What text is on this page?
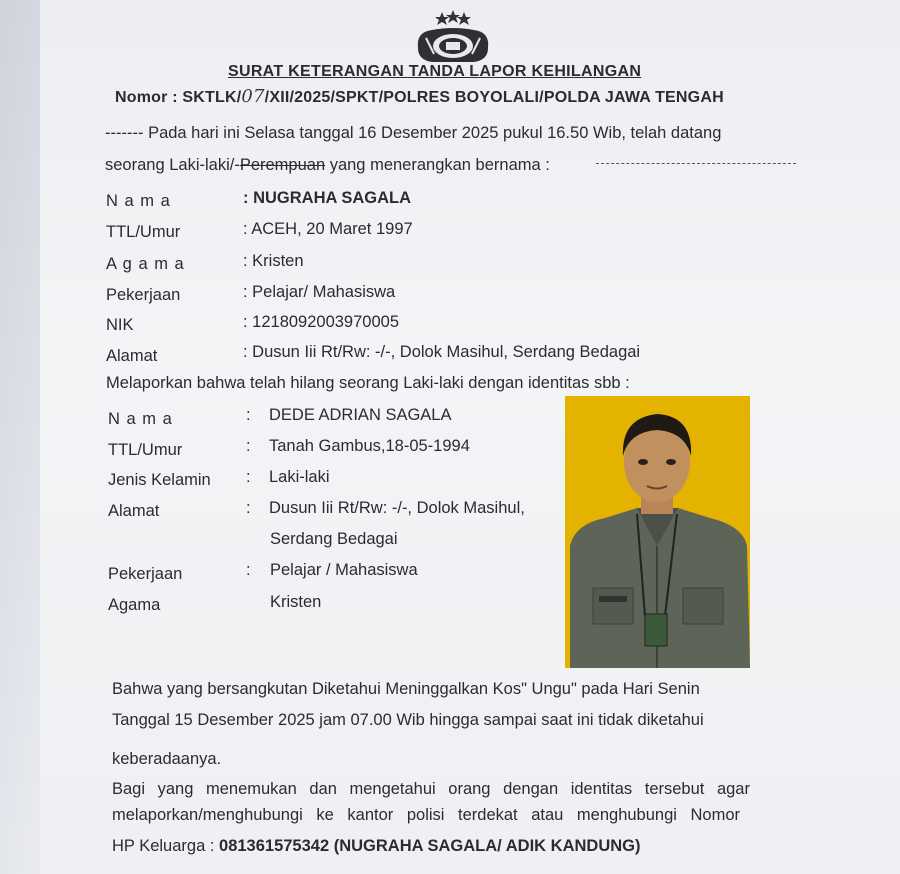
SURAT KETERANGAN TANDA LAPOR KEHILANGAN
Nomor : SKTLK/07/XII/2025/SPKT/POLRES BOYOLALI/POLDA JAWA TENGAH
------- Pada hari ini Selasa tanggal 16 Desember 2025 pukul 16.50 Wib, telah datang
seorang Laki-laki/-Perempuan yang menerangkan bernama :
N a m a	: NUGRAHA SAGALA
TTL/Umur	: ACEH, 20 Maret 1997
A g a m a	: Kristen
Pekerjaan	: Pelajar/ Mahasiswa
NIK	: 1218092003970005
Alamat	: Dusun Iii Rt/Rw: -/-, Dolok Masihul, Serdang Bedagai
Melaporkan bahwa telah hilang seorang Laki-laki dengan identitas sbb :
N a m a	: DEDE ADRIAN SAGALA
TTL/Umur	: Tanah Gambus,18-05-1994
Jenis Kelamin : Laki-laki
Alamat	: Dusun Iii Rt/Rw: -/-, Dolok Masihul,
Serdang Bedagai
Pekerjaan	: Pelajar / Mahasiswa
Agama	Kristen
Bahwa yang bersangkutan Diketahui Meninggalkan Kos" Ungu" pada Hari Senin
Tanggal 15 Desember 2025 jam 07.00 Wib hingga sampai saat ini tidak diketahui
keberadaanya.
Bagi yang menemukan dan mengetahui orang dengan identitas tersebut agar
melaporkan/menghubungi ke kantor polisi terdekat atau menghubungi Nomor
HP Keluarga : 081361575342 (NUGRAHA SAGALA/ ADIK KANDUNG)
